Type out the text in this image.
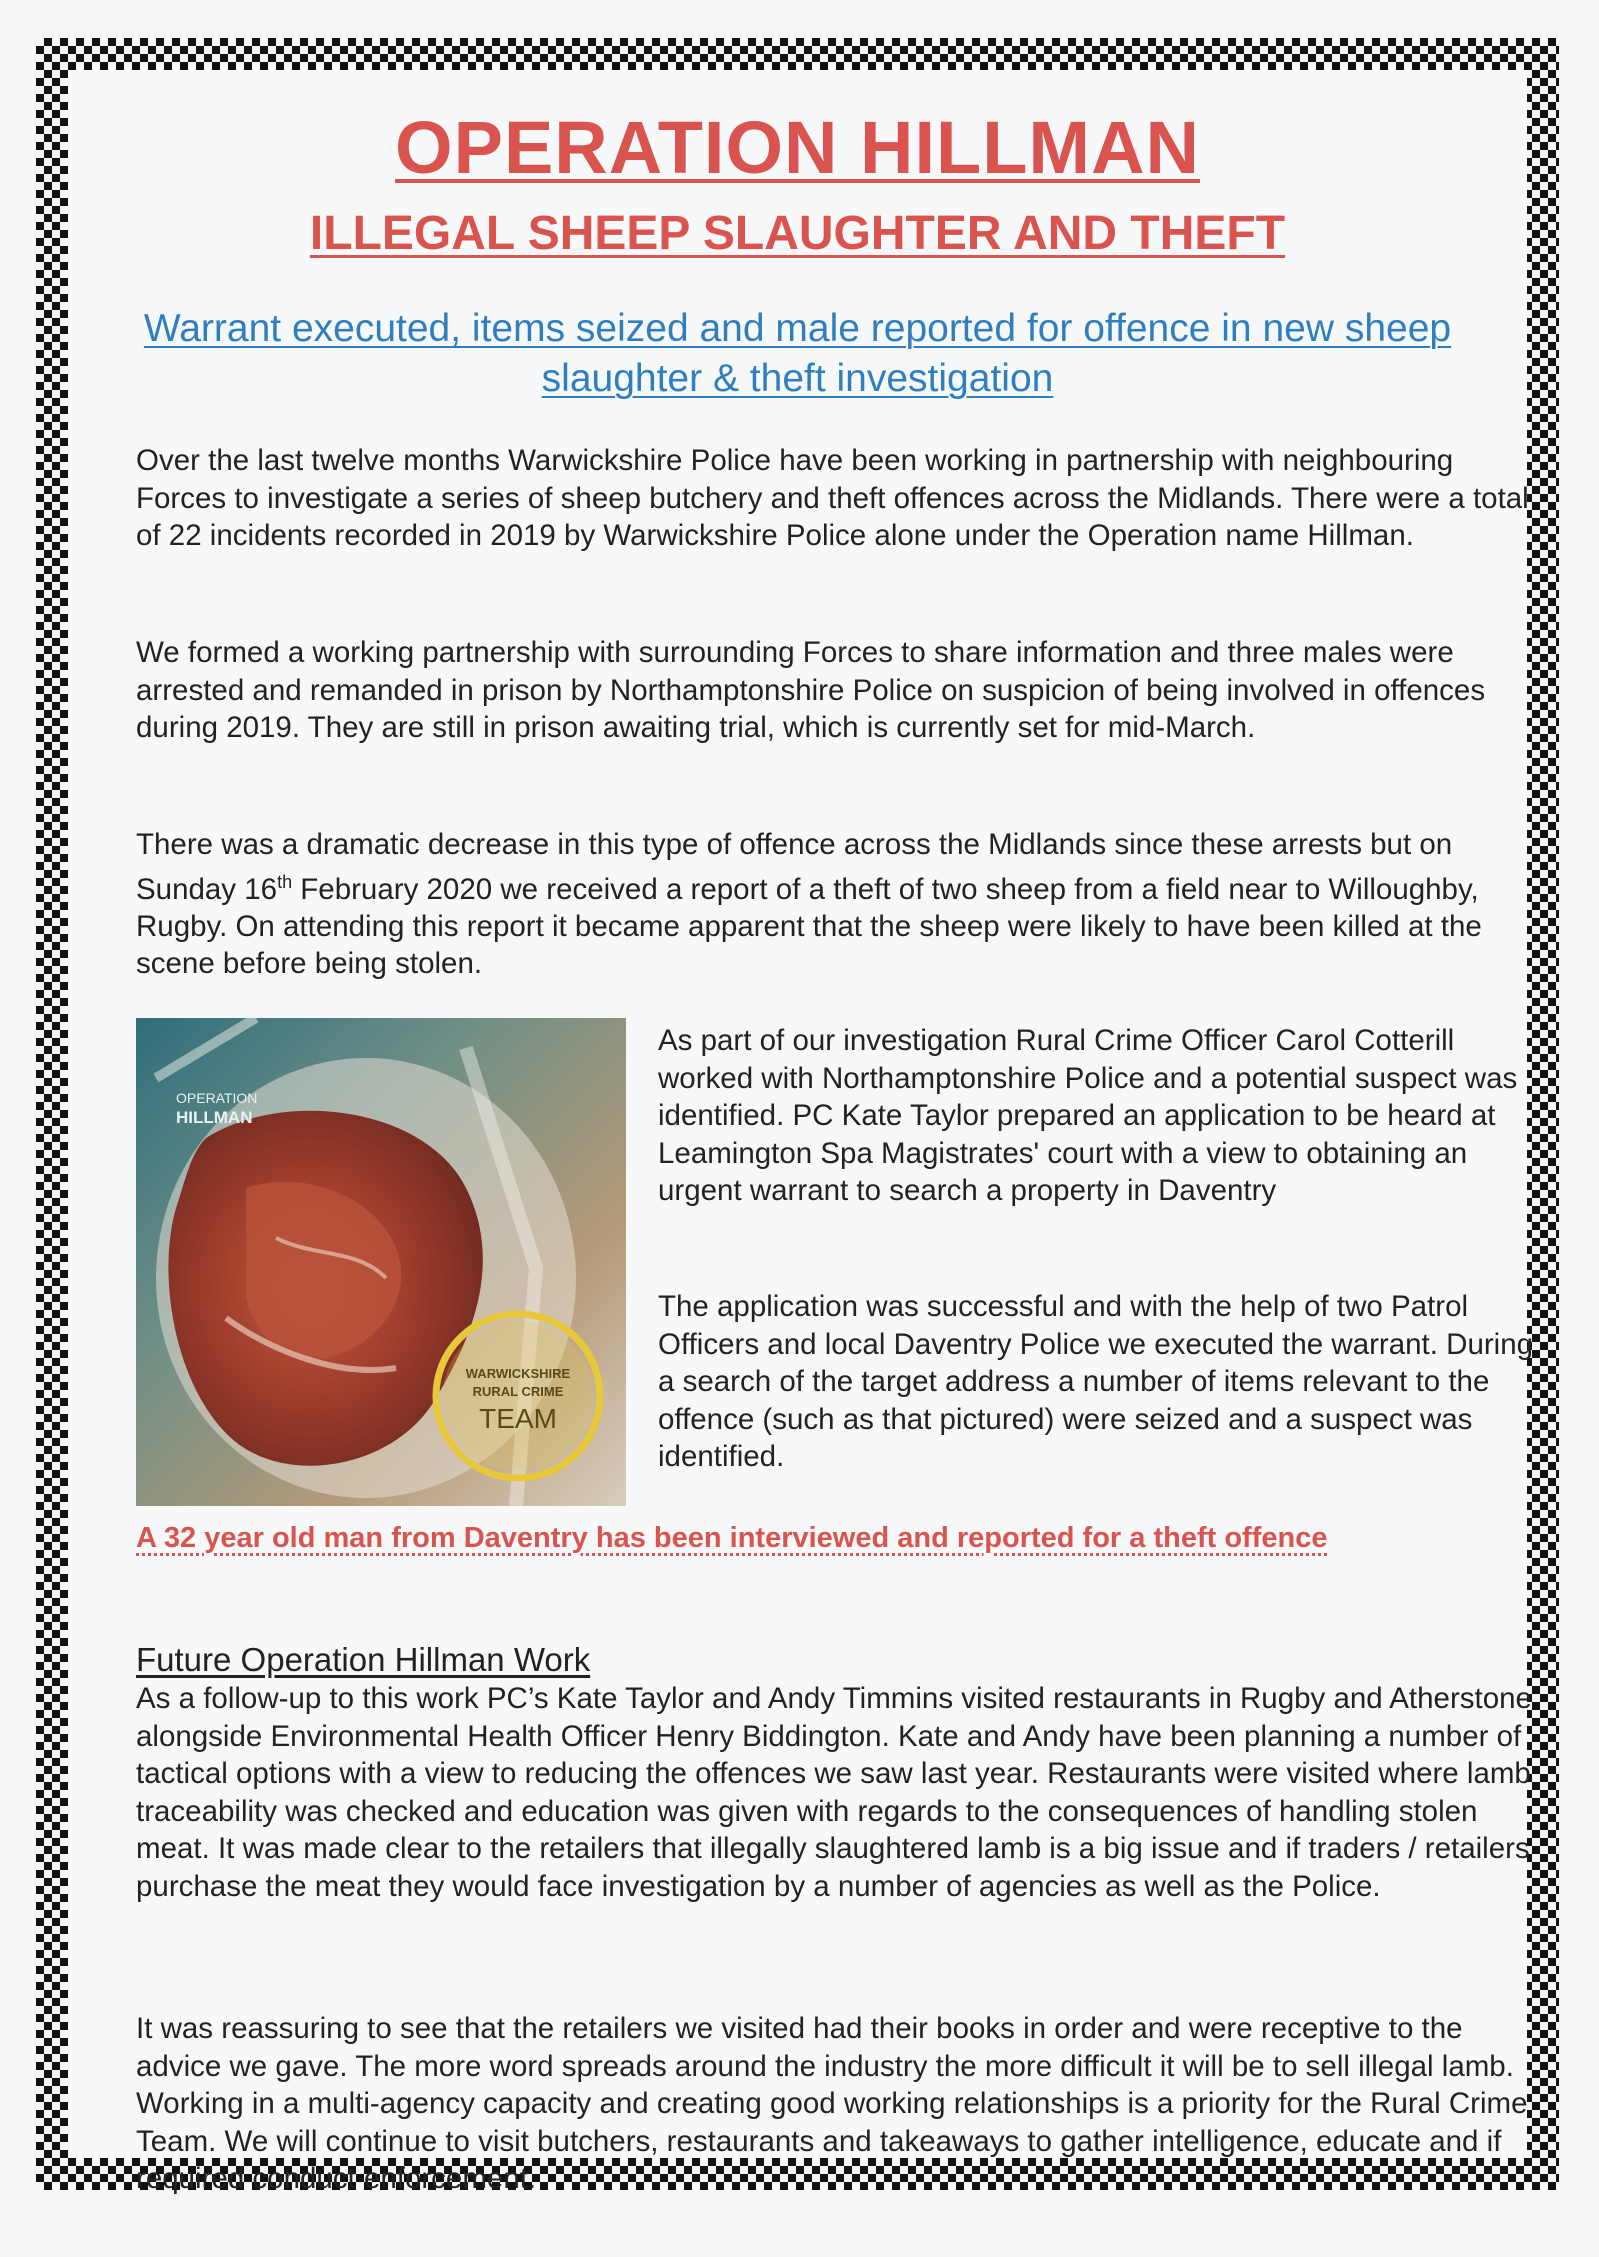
OPERATION HILLMAN
ILLEGAL SHEEP SLAUGHTER AND THEFT
Warrant executed, items seized and male reported for offence in new sheep slaughter & theft investigation

Over the last twelve months Warwickshire Police have been working in partnership with neighbouring Forces to investigate a series of sheep butchery and theft offences across the Midlands. There were a total of 22 incidents recorded in 2019 by Warwickshire Police alone under the Operation name Hillman.

We formed a working partnership with surrounding Forces to share information and three males were arrested and remanded in prison by Northamptonshire Police on suspicion of being involved in offences during 2019. They are still in prison awaiting trial, which is currently set for mid-March.

There was a dramatic decrease in this type of offence across the Midlands since these arrests but on Sunday 16th February 2020 we received a report of a theft of two sheep from a field near to Willoughby, Rugby. On attending this report it became apparent that the sheep were likely to have been killed at the scene before being stolen.

OPERATION
HILLMAN
WARWICKSHIRE
RURAL CRIME
TEAM

As part of our investigation Rural Crime Officer Carol Cotterill worked with Northamptonshire Police and a potential suspect was identified. PC Kate Taylor prepared an application to be heard at Leamington Spa Magistrates' court with a view to obtaining an urgent warrant to search a property in Daventry

The application was successful and with the help of two Patrol Officers and local Daventry Police we executed the warrant. During a search of the target address a number of items relevant to the offence (such as that pictured) were seized and a suspect was identified.

A 32 year old man from Daventry has been interviewed and reported for a theft offence
Future Operation Hillman Work

As a follow-up to this work PC’s Kate Taylor and Andy Timmins visited restaurants in Rugby and Atherstone alongside Environmental Health Officer Henry Biddington. Kate and Andy have been planning a number of tactical options with a view to reducing the offences we saw last year. Restaurants were visited where lamb traceability was checked and education was given with regards to the consequences of handling stolen meat. It was made clear to the retailers that illegally slaughtered lamb is a big issue and if traders / retailers purchase the meat they would face investigation by a number of agencies as well as the Police.

It was reassuring to see that the retailers we visited had their books in order and were receptive to the advice we gave. The more word spreads around the industry the more difficult it will be to sell illegal lamb. Working in a multi-agency capacity and creating good working relationships is a priority for the Rural Crime Team. We will continue to visit butchers, restaurants and takeaways to gather intelligence, educate and if required conduct enforcement.
